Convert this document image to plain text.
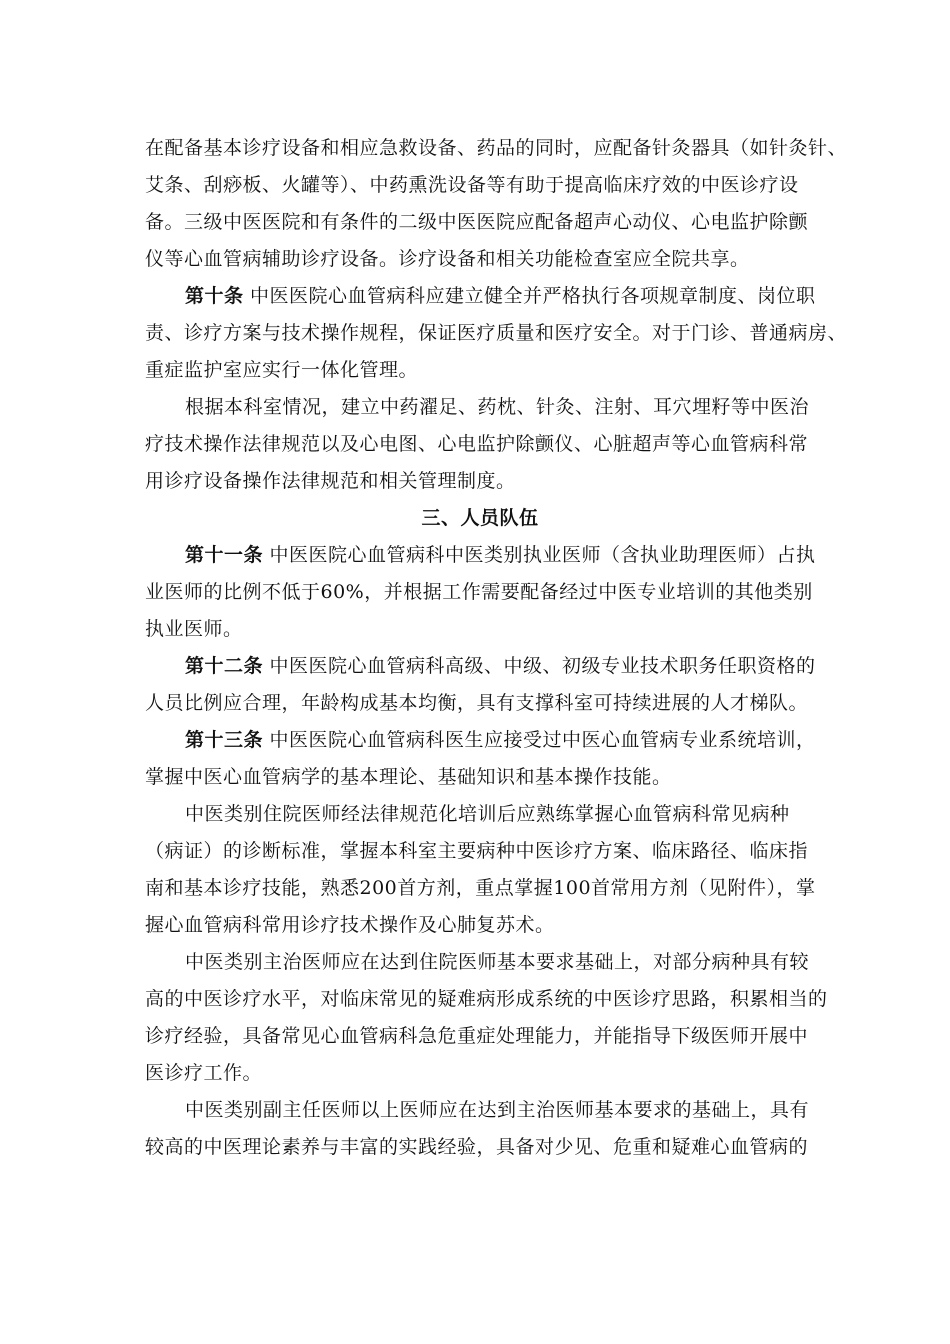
在配备基本诊疗设备和相应急救设备、药品的同时，应配备针灸器具（如针灸针、
艾条、刮痧板、火罐等）、中药熏洗设备等有助于提高临床疗效的中医诊疗设
备。三级中医医院和有条件的二级中医医院应配备超声心动仪、心电监护除颤
仪等心血管病辅助诊疗设备。诊疗设备和相关功能检查室应全院共享。

第十条 中医医院心血管病科应建立健全并严格执行各项规章制度、岗位职
责、诊疗方案与技术操作规程，保证医疗质量和医疗安全。对于门诊、普通病房、
重症监护室应实行一体化管理。

根据本科室情况，建立中药濯足、药枕、针灸、注射、耳穴埋籽等中医治
疗技术操作法律规范以及心电图、心电监护除颤仪、心脏超声等心血管病科常
用诊疗设备操作法律规范和相关管理制度。

三、人员队伍

第十一条 中医医院心血管病科中医类别执业医师（含执业助理医师）占执
业医师的比例不低于60%，并根据工作需要配备经过中医专业培训的其他类别
执业医师。

第十二条 中医医院心血管病科高级、中级、初级专业技术职务任职资格的
人员比例应合理，年龄构成基本均衡，具有支撑科室可持续进展的人才梯队。

第十三条 中医医院心血管病科医生应接受过中医心血管病专业系统培训，
掌握中医心血管病学的基本理论、基础知识和基本操作技能。

中医类别住院医师经法律规范化培训后应熟练掌握心血管病科常见病种
（病证）的诊断标准，掌握本科室主要病种中医诊疗方案、临床路径、临床指
南和基本诊疗技能，熟悉200首方剂，重点掌握100首常用方剂（见附件），掌
握心血管病科常用诊疗技术操作及心肺复苏术。

中医类别主治医师应在达到住院医师基本要求基础上，对部分病种具有较
高的中医诊疗水平，对临床常见的疑难病形成系统的中医诊疗思路，积累相当的
诊疗经验，具备常见心血管病科急危重症处理能力，并能指导下级医师开展中
医诊疗工作。

中医类别副主任医师以上医师应在达到主治医师基本要求的基础上，具有
较高的中医理论素养与丰富的实践经验，具备对少见、危重和疑难心血管病的
